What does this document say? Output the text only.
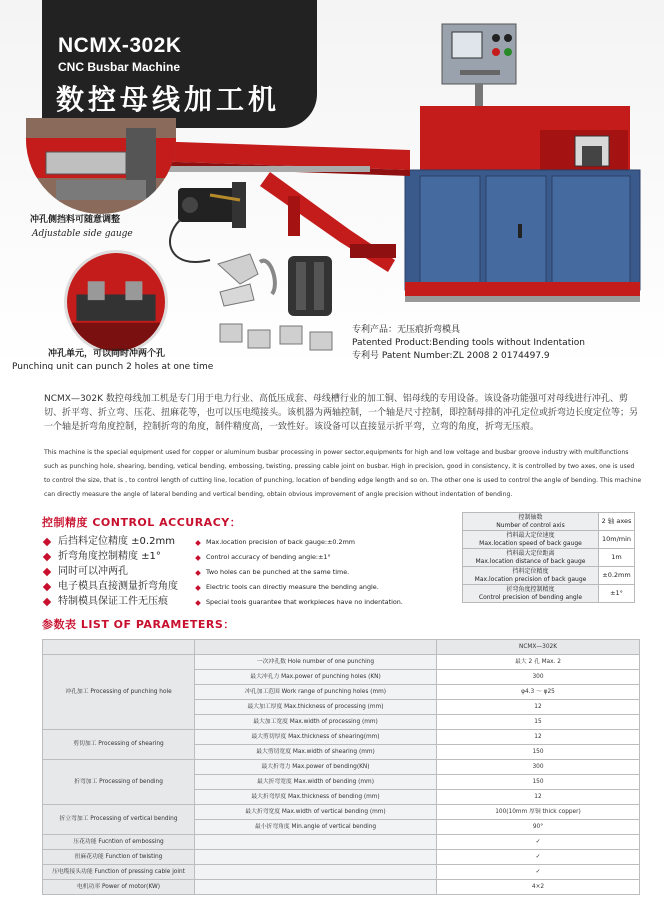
NCMX-302K
CNC Busbar Machine
数控母线加工机
冲孔侧挡料可随意调整
Adjustable side gauge
冲孔单元，可以同时冲两个孔
Punching unit can punch 2 holes at one time
专利产品：无压痕折弯模具
Patented Product:Bending tools without Indentation
专利号 Patent Number:ZL 2008 2 0174497.9
NCMX—302K 数控母线加工机是专门用于电力行业、高低压成套、母线槽行业的加工铜、铝母线的专用设备。该设备功能强可对母线进行冲孔、剪切、折平弯、折立弯、压花、扭麻花等，也可以压电缆接头。该机器为两轴控制，一个轴是尺寸控制，即控制母排的冲孔定位或折弯边长度定位等；另一个轴是折弯角度控制，控制折弯的角度，制件精度高，一致性好。该设备可以直接显示折平弯，立弯的角度，折弯无压痕。
This machine is the special equipment used for copper or aluminum busbar processing in power sector,equipments for high and low voltage and busbar groove industry with multifunctions such as punching hole, shearing, bending, vetical bending, embossing, twisting, pressing cable joint on busbar. High in precision, good in consistency, it is controlled by two axes, one is used to control the size, that is , to control length of cutting line, location of punching, location of bending edge length and so on. The other one is used to control the angle of bending. This machine can directly measure the angle of lateral bending and vertical bending, obtain obvious improvement of angle precision without indentation of bending.
控制精度 CONTROL ACCURACY：
后挡料定位精度 ±0.2mm
折弯角度控制精度 ±1°
同时可以冲两孔
电子模具直接测量折弯角度
特制模具保证工件无压痕
Max.location precision of back gauge:±0.2mm
Control accuracy of bending angle:±1°
Two holes can be punched at the same time.
Electric tools can directly measure the bending angle.
Special tools guarantee that workpieces have no indentation.
控制轴数
Number of control axis	2 轴 axes

挡料最大定位速度
Max.location speed of back gauge	10m/min

挡料最大定位距离
Max.location distance of back gauge	1m

挡料定位精度
Max.location precision of back gauge	±0.2mm

折弯角度控制精度
Control precision of bending angle	±1°
参数表 LIST OF PARAMETERS：
		NCMX—302K
冲孔加工 Processing of punching hole	一次冲孔数 Hole number of one punching	最大 2 孔 Max. 2
	最大冲孔力 Max.power of punching holes (KN)	300
	冲孔加工范围 Work range of punching holes (mm)	φ4.3 ～ φ25
	最大加工厚度 Max.thickness of processing (mm)	12
	最大加工宽度 Max.width of processing (mm)	15
剪切加工 Processing of shearing	最大剪切厚度 Max.thickness of shearing(mm)	12
	最大剪切宽度 Max.width of shearing (mm)	150
折弯加工 Processing of bending	最大折弯力 Max.power of bending(KN)	300
	最大折弯宽度 Max.width of bending (mm)	150
	最大折弯厚度 Max.thickness of bending (mm)	12
折立弯加工 Processing of vertical bending	最大折弯宽度 Max.width of vertical bending (mm)	100(10mm 厚铜 thick copper)
	最小折弯角度 Min.angle of vertical bending	90°
压花功能 Fucntion of embossing		✓
扭麻花功能 Function of twisting		✓
压电缆接头功能 Function of pressing cable joint		✓
电机功率 Power of motor(KW)		4×2
